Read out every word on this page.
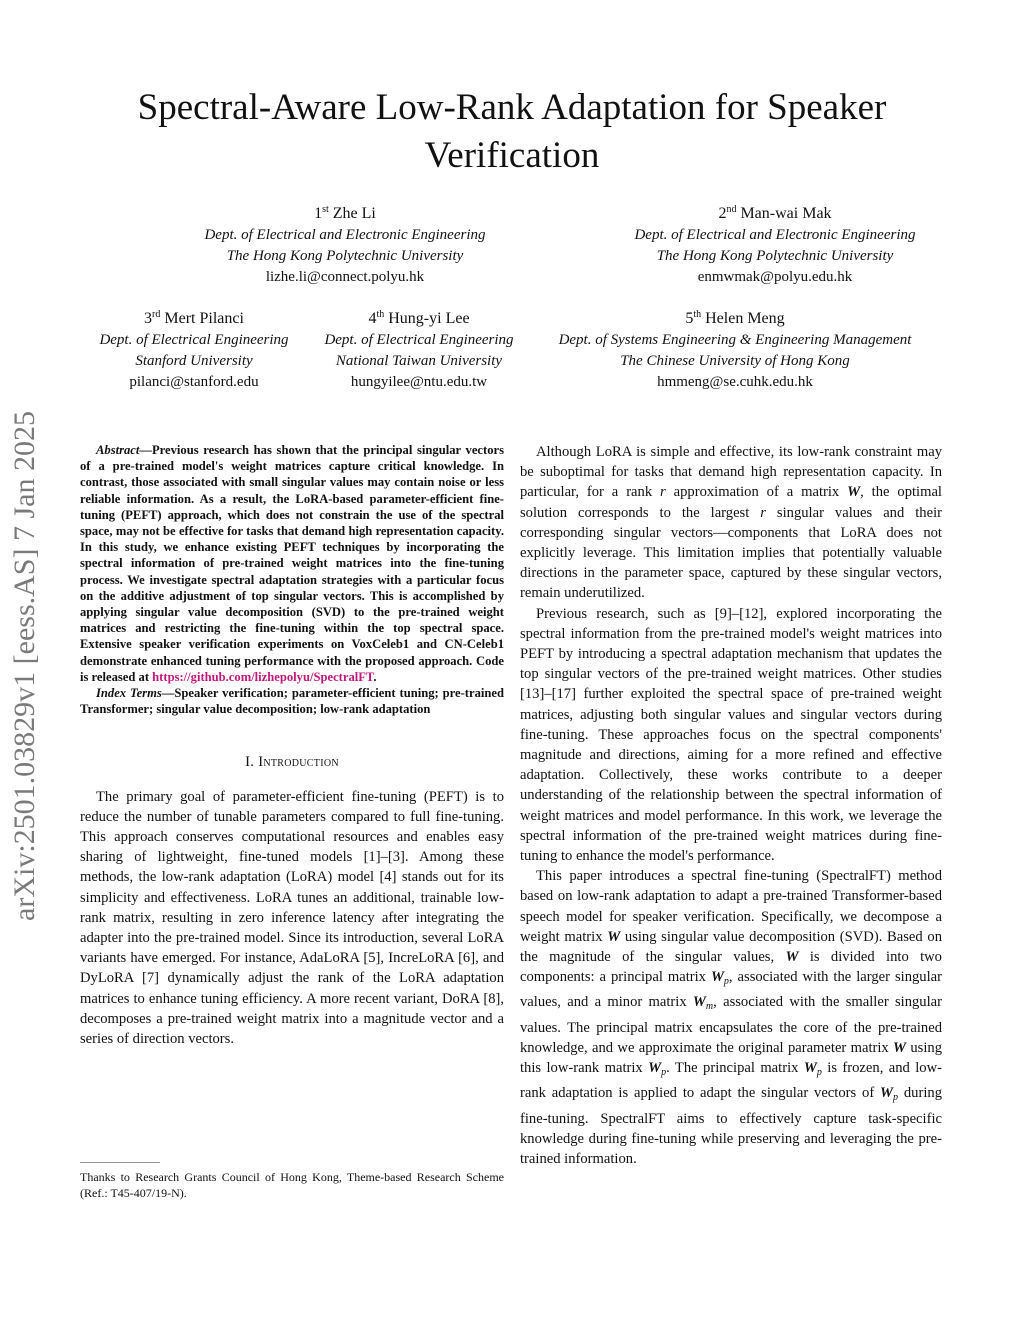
arXiv:2501.03829v1 [eess.AS] 7 Jan 2025
Spectral-Aware Low-Rank Adaptation for Speaker Verification
1st Zhe Li
Dept. of Electrical and Electronic Engineering
The Hong Kong Polytechnic University
lizhe.li@connect.polyu.hk
2nd Man-wai Mak
Dept. of Electrical and Electronic Engineering
The Hong Kong Polytechnic University
enmwmak@polyu.edu.hk
3rd Mert Pilanci
Dept. of Electrical Engineering
Stanford University
pilanci@stanford.edu
4th Hung-yi Lee
Dept. of Electrical Engineering
National Taiwan University
hungyilee@ntu.edu.tw
5th Helen Meng
Dept. of Systems Engineering & Engineering Management
The Chinese University of Hong Kong
hmmeng@se.cuhk.edu.hk

Abstract—Previous research has shown that the principal singular vectors of a pre-trained model's weight matrices capture critical knowledge. In contrast, those associated with small singular values may contain noise or less reliable information. As a result, the LoRA-based parameter-efficient fine-tuning (PEFT) approach, which does not constrain the use of the spectral space, may not be effective for tasks that demand high representation capacity. In this study, we enhance existing PEFT techniques by incorporating the spectral information of pre-trained weight matrices into the fine-tuning process. We investigate spectral adaptation strategies with a particular focus on the additive adjustment of top singular vectors. This is accomplished by applying singular value decomposition (SVD) to the pre-trained weight matrices and restricting the fine-tuning within the top spectral space. Extensive speaker verification experiments on VoxCeleb1 and CN-Celeb1 demonstrate enhanced tuning performance with the proposed approach. Code is released at https://github.com/lizhepolyu/SpectralFT.

Index Terms—Speaker verification; parameter-efficient tuning; pre-trained Transformer; singular value decomposition; low-rank adaptation

I. Introduction

The primary goal of parameter-efficient fine-tuning (PEFT) is to reduce the number of tunable parameters compared to full fine-tuning. This approach conserves computational resources and enables easy sharing of lightweight, fine-tuned models [1]–[3]. Among these methods, the low-rank adaptation (LoRA) model [4] stands out for its simplicity and effectiveness. LoRA tunes an additional, trainable low-rank matrix, resulting in zero inference latency after integrating the adapter into the pre-trained model. Since its introduction, several LoRA variants have emerged. For instance, AdaLoRA [5], IncreLoRA [6], and DyLoRA [7] dynamically adjust the rank of the LoRA adaptation matrices to enhance tuning efficiency. A more recent variant, DoRA [8], decomposes a pre-trained weight matrix into a magnitude vector and a series of direction vectors.

Thanks to Research Grants Council of Hong Kong, Theme-based Research Scheme (Ref.: T45-407/19-N).

Although LoRA is simple and effective, its low-rank constraint may be suboptimal for tasks that demand high representation capacity. In particular, for a rank r approximation of a matrix W, the optimal solution corresponds to the largest r singular values and their corresponding singular vectors—components that LoRA does not explicitly leverage. This limitation implies that potentially valuable directions in the parameter space, captured by these singular vectors, remain underutilized.

Previous research, such as [9]–[12], explored incorporating the spectral information from the pre-trained model's weight matrices into PEFT by introducing a spectral adaptation mechanism that updates the top singular vectors of the pre-trained weight matrices. Other studies [13]–[17] further exploited the spectral space of pre-trained weight matrices, adjusting both singular values and singular vectors during fine-tuning. These approaches focus on the spectral components' magnitude and directions, aiming for a more refined and effective adaptation. Collectively, these works contribute to a deeper understanding of the relationship between the spectral information of weight matrices and model performance. In this work, we leverage the spectral information of the pre-trained weight matrices during fine-tuning to enhance the model's performance.

This paper introduces a spectral fine-tuning (SpectralFT) method based on low-rank adaptation to adapt a pre-trained Transformer-based speech model for speaker verification. Specifically, we decompose a weight matrix W using singular value decomposition (SVD). Based on the magnitude of the singular values, W is divided into two components: a principal matrix $W_p$, associated with the larger singular values, and a minor matrix $W_m$, associated with the smaller singular values. The principal matrix encapsulates the core of the pre-trained knowledge, and we approximate the original parameter matrix W using this low-rank matrix $W_p$. The principal matrix $W_p$ is frozen, and low-rank adaptation is applied to adapt the singular vectors of $W_p$ during fine-tuning. SpectralFT aims to effectively capture task-specific knowledge during fine-tuning while preserving and leveraging the pre-trained information.
